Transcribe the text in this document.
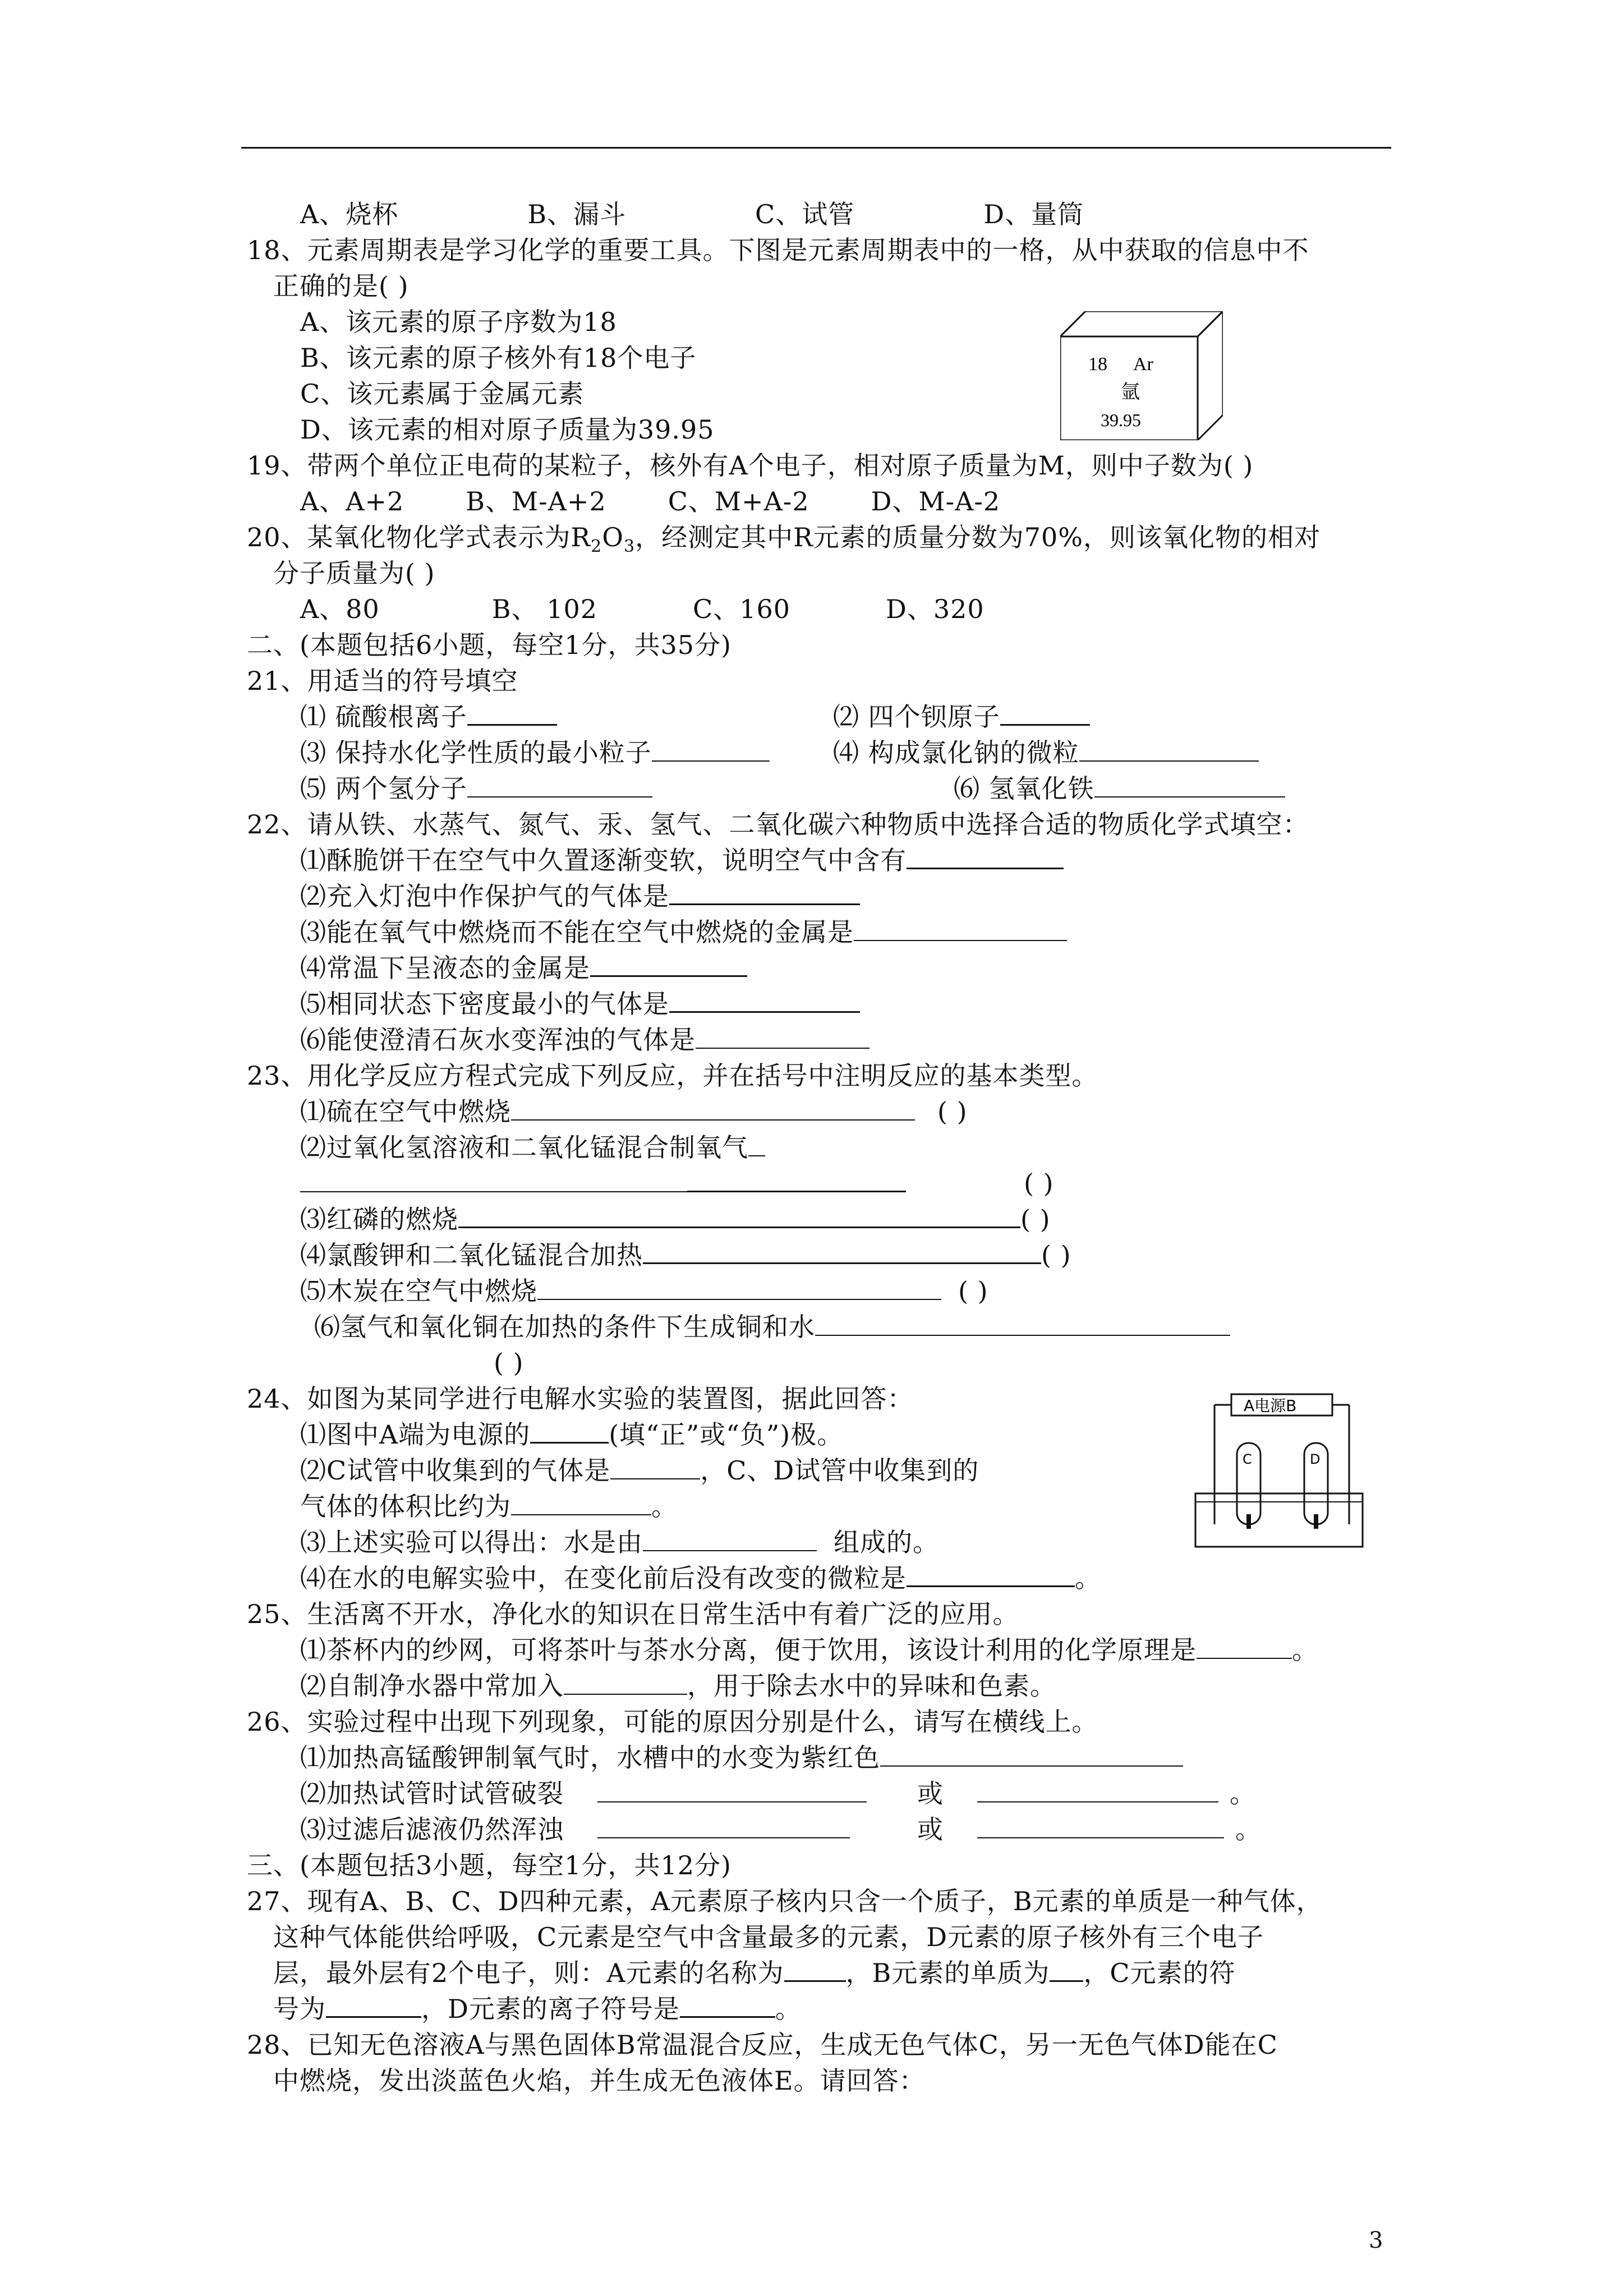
A、烧杯	B、漏斗	C、试管	D、量筒
18、元素周期表是学习化学的重要工具。下图是元素周期表中的一格，从中获取的信息中不
正确的是( )
A、该元素的原子序数为18
B、该元素的原子核外有18个电子
C、该元素属于金属元素
D、该元素的相对原子质量为39.95
18 Ar
氩
39.95
19、带两个单位正电荷的某粒子，核外有A个电子，相对原子质量为M，则中子数为( )
A、A+2 B、M-A+2 C、M+A-2 D、M-A-2
20、某氧化物化学式表示为$R_2O_3$，经测定其中R元素的质量分数为70%，则该氧化物的相对
分子质量为( )
A、80	B、 102	C、160	D、320
二、(本题包括6小题，每空1分，共35分)
21、用适当的符号填空
⑴ 硫酸根离子	⑵ 四个钡原子
⑶ 保持水化学性质的最小粒子	⑷ 构成氯化钠的微粒
⑸ 两个氢分子	⑹ 氢氧化铁
22、请从铁、水蒸气、氮气、汞、氢气、二氧化碳六种物质中选择合适的物质化学式填空：
⑴酥脆饼干在空气中久置逐渐变软，说明空气中含有
⑵充入灯泡中作保护气的气体是
⑶能在氧气中燃烧而不能在空气中燃烧的金属是
⑷常温下呈液态的金属是
⑸相同状态下密度最小的气体是
⑹能使澄清石灰水变浑浊的气体是
23、用化学反应方程式完成下列反应，并在括号中注明反应的基本类型。
⑴硫在空气中燃烧	( )
⑵过氧化氢溶液和二氧化锰混合制氧气
( )
⑶红磷的燃烧	( )
⑷氯酸钾和二氧化锰混合加热	( )
⑸木炭在空气中燃烧	( )
⑹氢气和氧化铜在加热的条件下生成铜和水
( )
24、如图为某同学进行电解水实验的装置图，据此回答：
⑴图中A端为电源的	(填“正”或“负”)极。
⑵C试管中收集到的气体是	，C、D试管中收集到的
气体的体积比约为	。
⑶上述实验可以得出：水是由	组成的。
⑷在水的电解实验中，在变化前后没有改变的微粒是	。
A电源B
C	D
25、生活离不开水，净化水的知识在日常生活中有着广泛的应用。
⑴茶杯内的纱网，可将茶叶与茶水分离，便于饮用，该设计利用的化学原理是	。
⑵自制净水器中常加入	，用于除去水中的异味和色素。
26、实验过程中出现下列现象，可能的原因分别是什么，请写在横线上。
⑴加热高锰酸钾制氧气时，水槽中的水变为紫红色
⑵加热试管时试管破裂	或	。
⑶过滤后滤液仍然浑浊	或	。
三、(本题包括3小题，每空1分，共12分)
27、现有A、B、C、D四种元素，A元素原子核内只含一个质子，B元素的单质是一种气体，
这种气体能供给呼吸，C元素是空气中含量最多的元素，D元素的原子核外有三个电子
层，最外层有2个电子，则：A元素的名称为 ，B元素的单质为 ，C元素的符
号为	，D元素的离子符号是	。
28、已知无色溶液A与黑色固体B常温混合反应，生成无色气体C，另一无色气体D能在C
中燃烧，发出淡蓝色火焰，并生成无色液体E。请回答：
3
